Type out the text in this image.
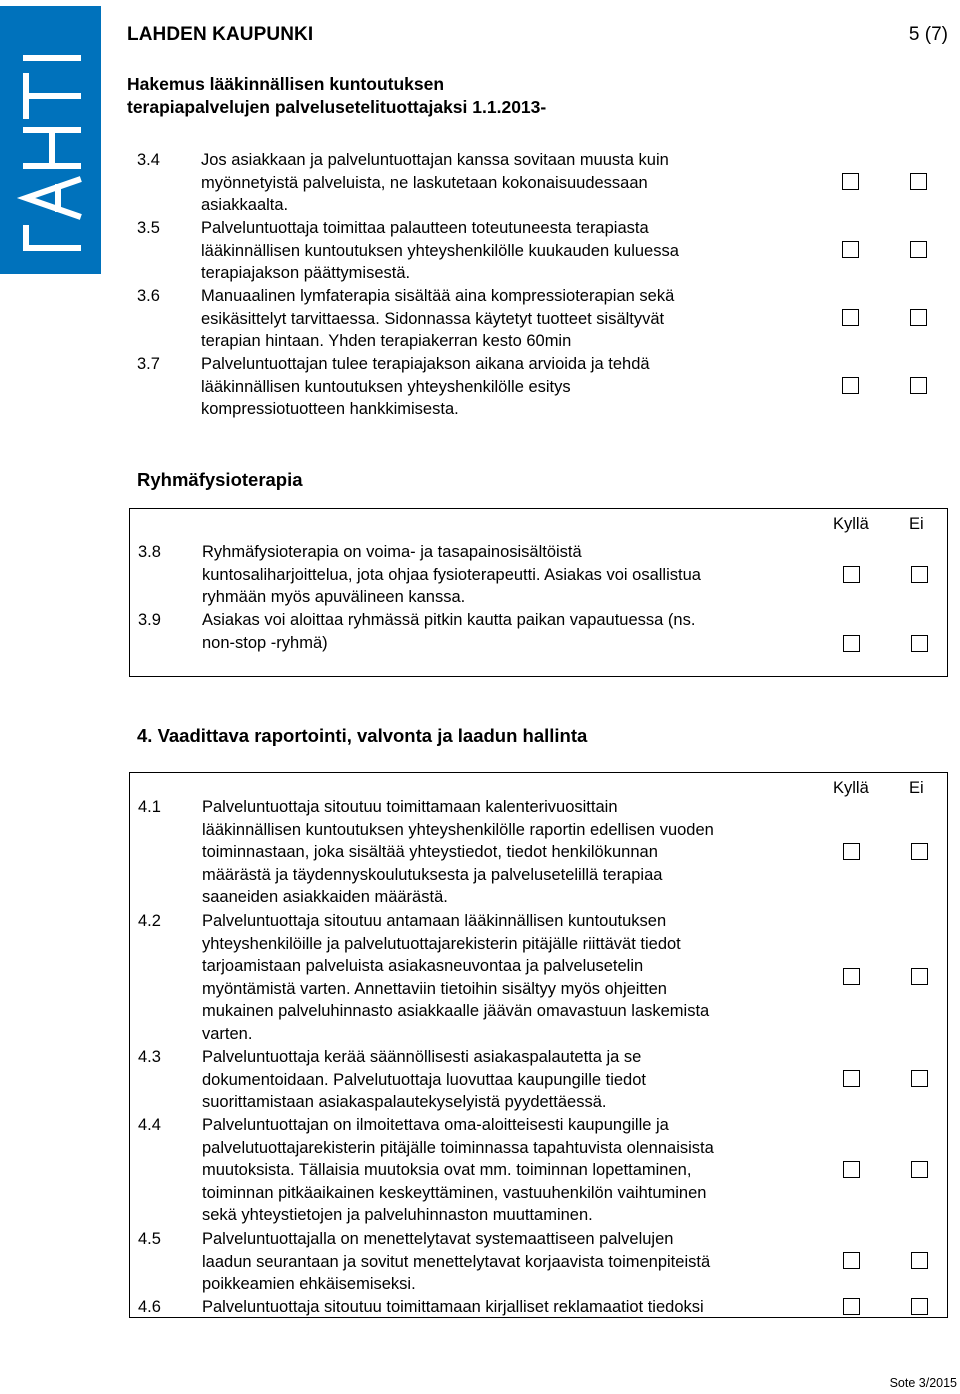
LAHDEN KAUPUNKI	5 (7)
Hakemus lääkinnällisen kuntoutuksen
terapiapalvelujen palvelusetelituottajaksi 1.1.2013-
3.4 Jos asiakkaan ja palveluntuottajan kanssa sovitaan muusta kuin
myönnetyistä palveluista, ne laskutetaan kokonaisuudessaan
asiakkaalta.
3.5 Palveluntuottaja toimittaa palautteen toteutuneesta terapiasta
lääkinnällisen kuntoutuksen yhteyshenkilölle kuukauden kuluessa
terapiajakson päättymisestä.
3.6 Manuaalinen lymfaterapia sisältää aina kompressioterapian sekä
esikäsittelyt tarvittaessa. Sidonnassa käytetyt tuotteet sisältyvät
terapian hintaan. Yhden terapiakerran kesto 60min
3.7 Palveluntuottajan tulee terapiajakson aikana arvioida ja tehdä
lääkinnällisen kuntoutuksen yhteyshenkilölle esitys
kompressiotuotteen hankkimisesta.
Ryhmäfysioterapia
Kyllä Ei
3.8 Ryhmäfysioterapia on voima- ja tasapainosisältöistä
kuntosaliharjoittelua, jota ohjaa fysioterapeutti. Asiakas voi osallistua
ryhmään myös apuvälineen kanssa.
3.9 Asiakas voi aloittaa ryhmässä pitkin kautta paikan vapautuessa (ns.
non-stop -ryhmä)
4. Vaadittava raportointi, valvonta ja laadun hallinta
Kyllä Ei
4.1 Palveluntuottaja sitoutuu toimittamaan kalenterivuosittain
lääkinnällisen kuntoutuksen yhteyshenkilölle raportin edellisen vuoden
toiminnastaan, joka sisältää yhteystiedot, tiedot henkilökunnan
määrästä ja täydennyskoulutuksesta ja palvelusetelillä terapiaa
saaneiden asiakkaiden määrästä.
4.2 Palveluntuottaja sitoutuu antamaan lääkinnällisen kuntoutuksen
yhteyshenkilöille ja palvelutuottajarekisterin pitäjälle riittävät tiedot
tarjoamistaan palveluista asiakasneuvontaa ja palvelusetelin
myöntämistä varten. Annettaviin tietoihin sisältyy myös ohjeitten
mukainen palveluhinnasto asiakkaalle jäävän omavastuun laskemista
varten.
4.3 Palveluntuottaja kerää säännöllisesti asiakaspalautetta ja se
dokumentoidaan. Palvelutuottaja luovuttaa kaupungille tiedot
suorittamistaan asiakaspalautekyselyistä pyydettäessä.
4.4 Palveluntuottajan on ilmoitettava oma-aloitteisesti kaupungille ja
palvelutuottajarekisterin pitäjälle toiminnassa tapahtuvista olennaisista
muutoksista. Tällaisia muutoksia ovat mm. toiminnan lopettaminen,
toiminnan pitkäaikainen keskeyttäminen, vastuuhenkilön vaihtuminen
sekä yhteystietojen ja palveluhinnaston muuttaminen.
4.5 Palveluntuottajalla on menettelytavat systemaattiseen palvelujen
laadun seurantaan ja sovitut menettelytavat korjaavista toimenpiteistä
poikkeamien ehkäisemiseksi.
4.6 Palveluntuottaja sitoutuu toimittamaan kirjalliset reklamaatiot tiedoksi
Sote 3/2015
